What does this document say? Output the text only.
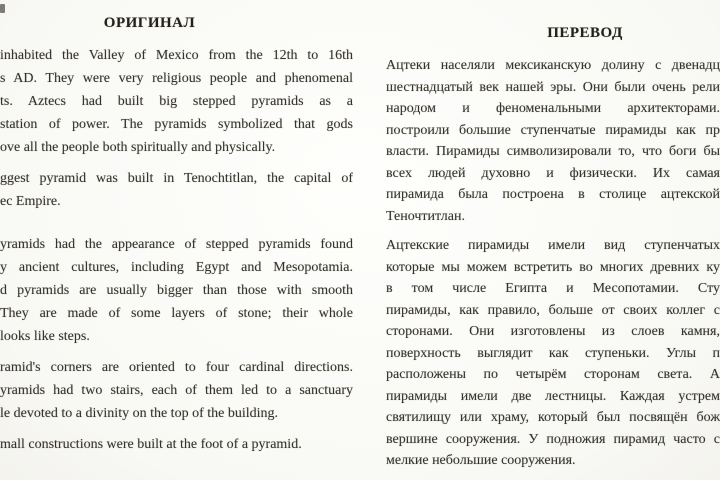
ОРИГИНАЛ
inhabited the Valley of Mexico from the 12th to 16th
s AD. They were very religious people and phenomenal
ts. Aztecs had built big stepped pyramids as a
station of power. The pyramids symbolized that gods
ove all the people both spiritually and physically.
ggest pyramid was built in Tenochtitlan, the capital of
ec Empire.
yramids had the appearance of stepped pyramids found
y ancient cultures, including Egypt and Mesopotamia.
d pyramids are usually bigger than those with smooth
They are made of some layers of stone; their whole
looks like steps.
ramid's corners are oriented to four cardinal directions.
yramids had two stairs, each of them led to a sanctuary
le devoted to a divinity on the top of the building.
mall constructions were built at the foot of a pyramid.
ПЕРЕВОД
Ацтеки населяли мексиканскую долину с двенадц
шестнадцатый век нашей эры. Они были очень рели
народом и феноменальными архитекторами.
построили большие ступенчатые пирамиды как пр
власти. Пирамиды символизировали то, что боги бы
всех людей духовно и физически. Их самая
пирамида была построена в столице ацтекской
Теночтитлан.
Ацтекские пирамиды имели вид ступенчатых
которые мы можем встретить во многих древних ку
в том числе Египта и Месопотамии. Сту
пирамиды, как правило, больше от своих коллег с
сторонами. Они изготовлены из слоев камня,
поверхность выглядит как ступеньки. Углы п
расположены по четырём сторонам света. А
пирамиды имели две лестницы. Каждая устрем
святилищу или храму, который был посвящён бож
вершине сооружения. У подножия пирамид часто с
мелкие небольшие сооружения.
